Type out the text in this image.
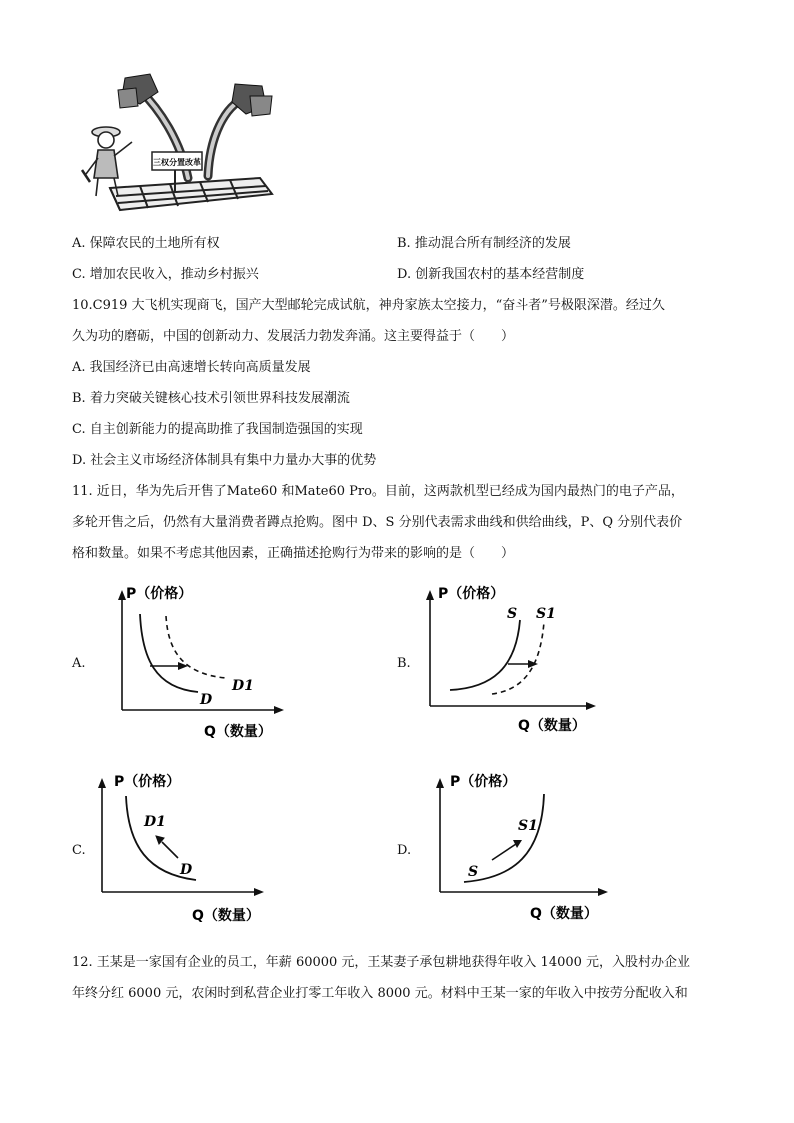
三权分置改革
A. 保障农民的土地所有权	B. 推动混合所有制经济的发展
C. 增加农民收入，推动乡村振兴	D. 创新我国农村的基本经营制度
10.C919 大飞机实现商飞，国产大型邮轮完成试航，神舟家族太空接力，“奋斗者”号极限深潜。经过久
久为功的磨砺，中国的创新动力、发展活力勃发奔涌。这主要得益于（　　）
A. 我国经济已由高速增长转向高质量发展
B. 着力突破关键核心技术引领世界科技发展潮流
C. 自主创新能力的提高助推了我国制造强国的实现
D. 社会主义市场经济体制具有集中力量办大事的优势
11. 近日，华为先后开售了Mate60 和Mate60 Pro。目前，这两款机型已经成为国内最热门的电子产品，
多轮开售之后，仍然有大量消费者蹲点抢购。图中 D、S 分别代表需求曲线和供给曲线，P、Q 分别代表价
格和数量。如果不考虑其他因素，正确描述抢购行为带来的影响的是（　　）
A.
P（价格）
Q（数量）
D
D1
B.
P（价格）
Q（数量）
S S1
C.
P（价格）
Q（数量）
D1
D
D.
P（价格）
Q（数量）
S
S1
12. 王某是一家国有企业的员工，年薪 60000 元，王某妻子承包耕地获得年收入 14000 元，入股村办企业
年终分红 6000 元，农闲时到私营企业打零工年收入 8000 元。材料中王某一家的年收入中按劳分配收入和
